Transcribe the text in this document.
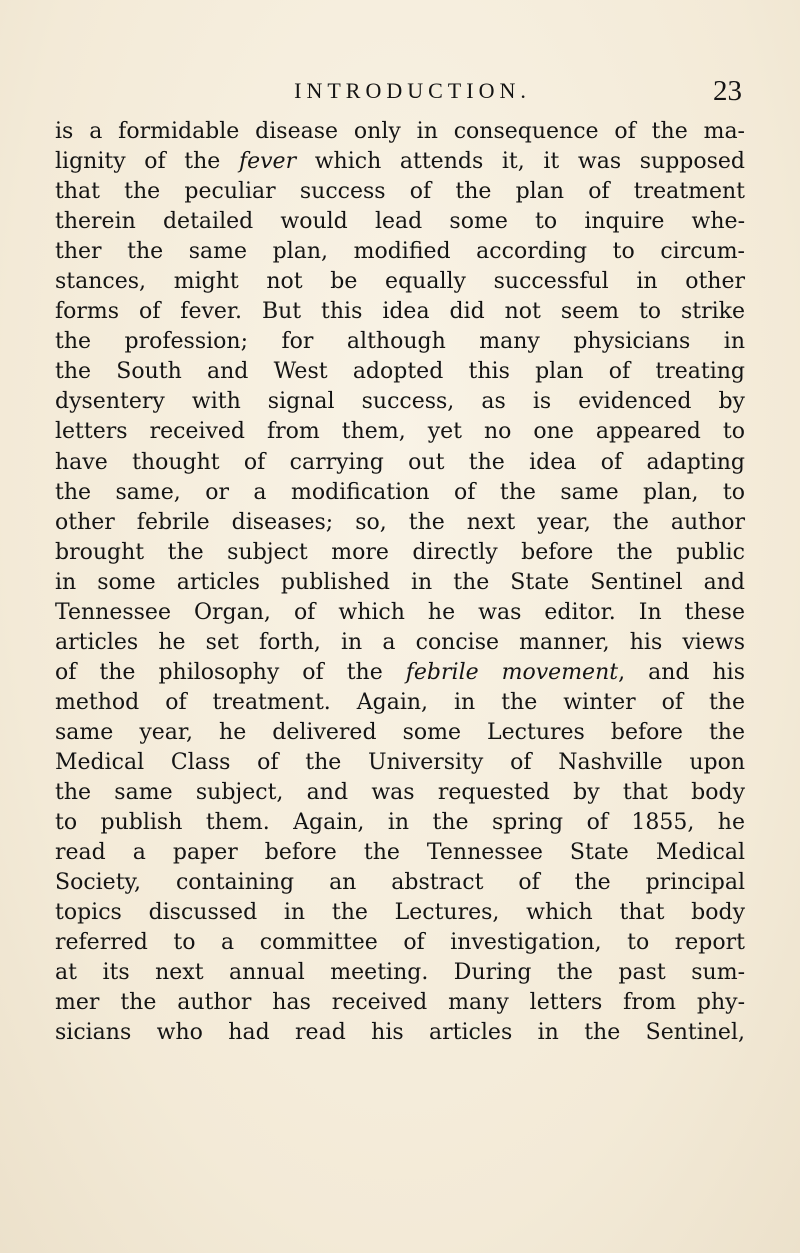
INTRODUCTION.	23
is a formidable disease only in consequence of the ma-
lignity of the fever which attends it, it was supposed
that the peculiar success of the plan of treatment
therein detailed would lead some to inquire whe-
ther the same plan, modified according to circum-
stances, might not be equally successful in other
forms of fever. But this idea did not seem to strike
the profession; for although many physicians in
the South and West adopted this plan of treating
dysentery with signal success, as is evidenced by
letters received from them, yet no one appeared to
have thought of carrying out the idea of adapting
the same, or a modification of the same plan, to
other febrile diseases; so, the next year, the author
brought the subject more directly before the public
in some articles published in the State Sentinel and
Tennessee Organ, of which he was editor. In these
articles he set forth, in a concise manner, his views
of the philosophy of the febrile movement, and his
method of treatment. Again, in the winter of the
same year, he delivered some Lectures before the
Medical Class of the University of Nashville upon
the same subject, and was requested by that body
to publish them. Again, in the spring of 1855, he
read a paper before the Tennessee State Medical
Society, containing an abstract of the principal
topics discussed in the Lectures, which that body
referred to a committee of investigation, to report
at its next annual meeting. During the past sum-
mer the author has received many letters from phy-
sicians who had read his articles in the Sentinel,
